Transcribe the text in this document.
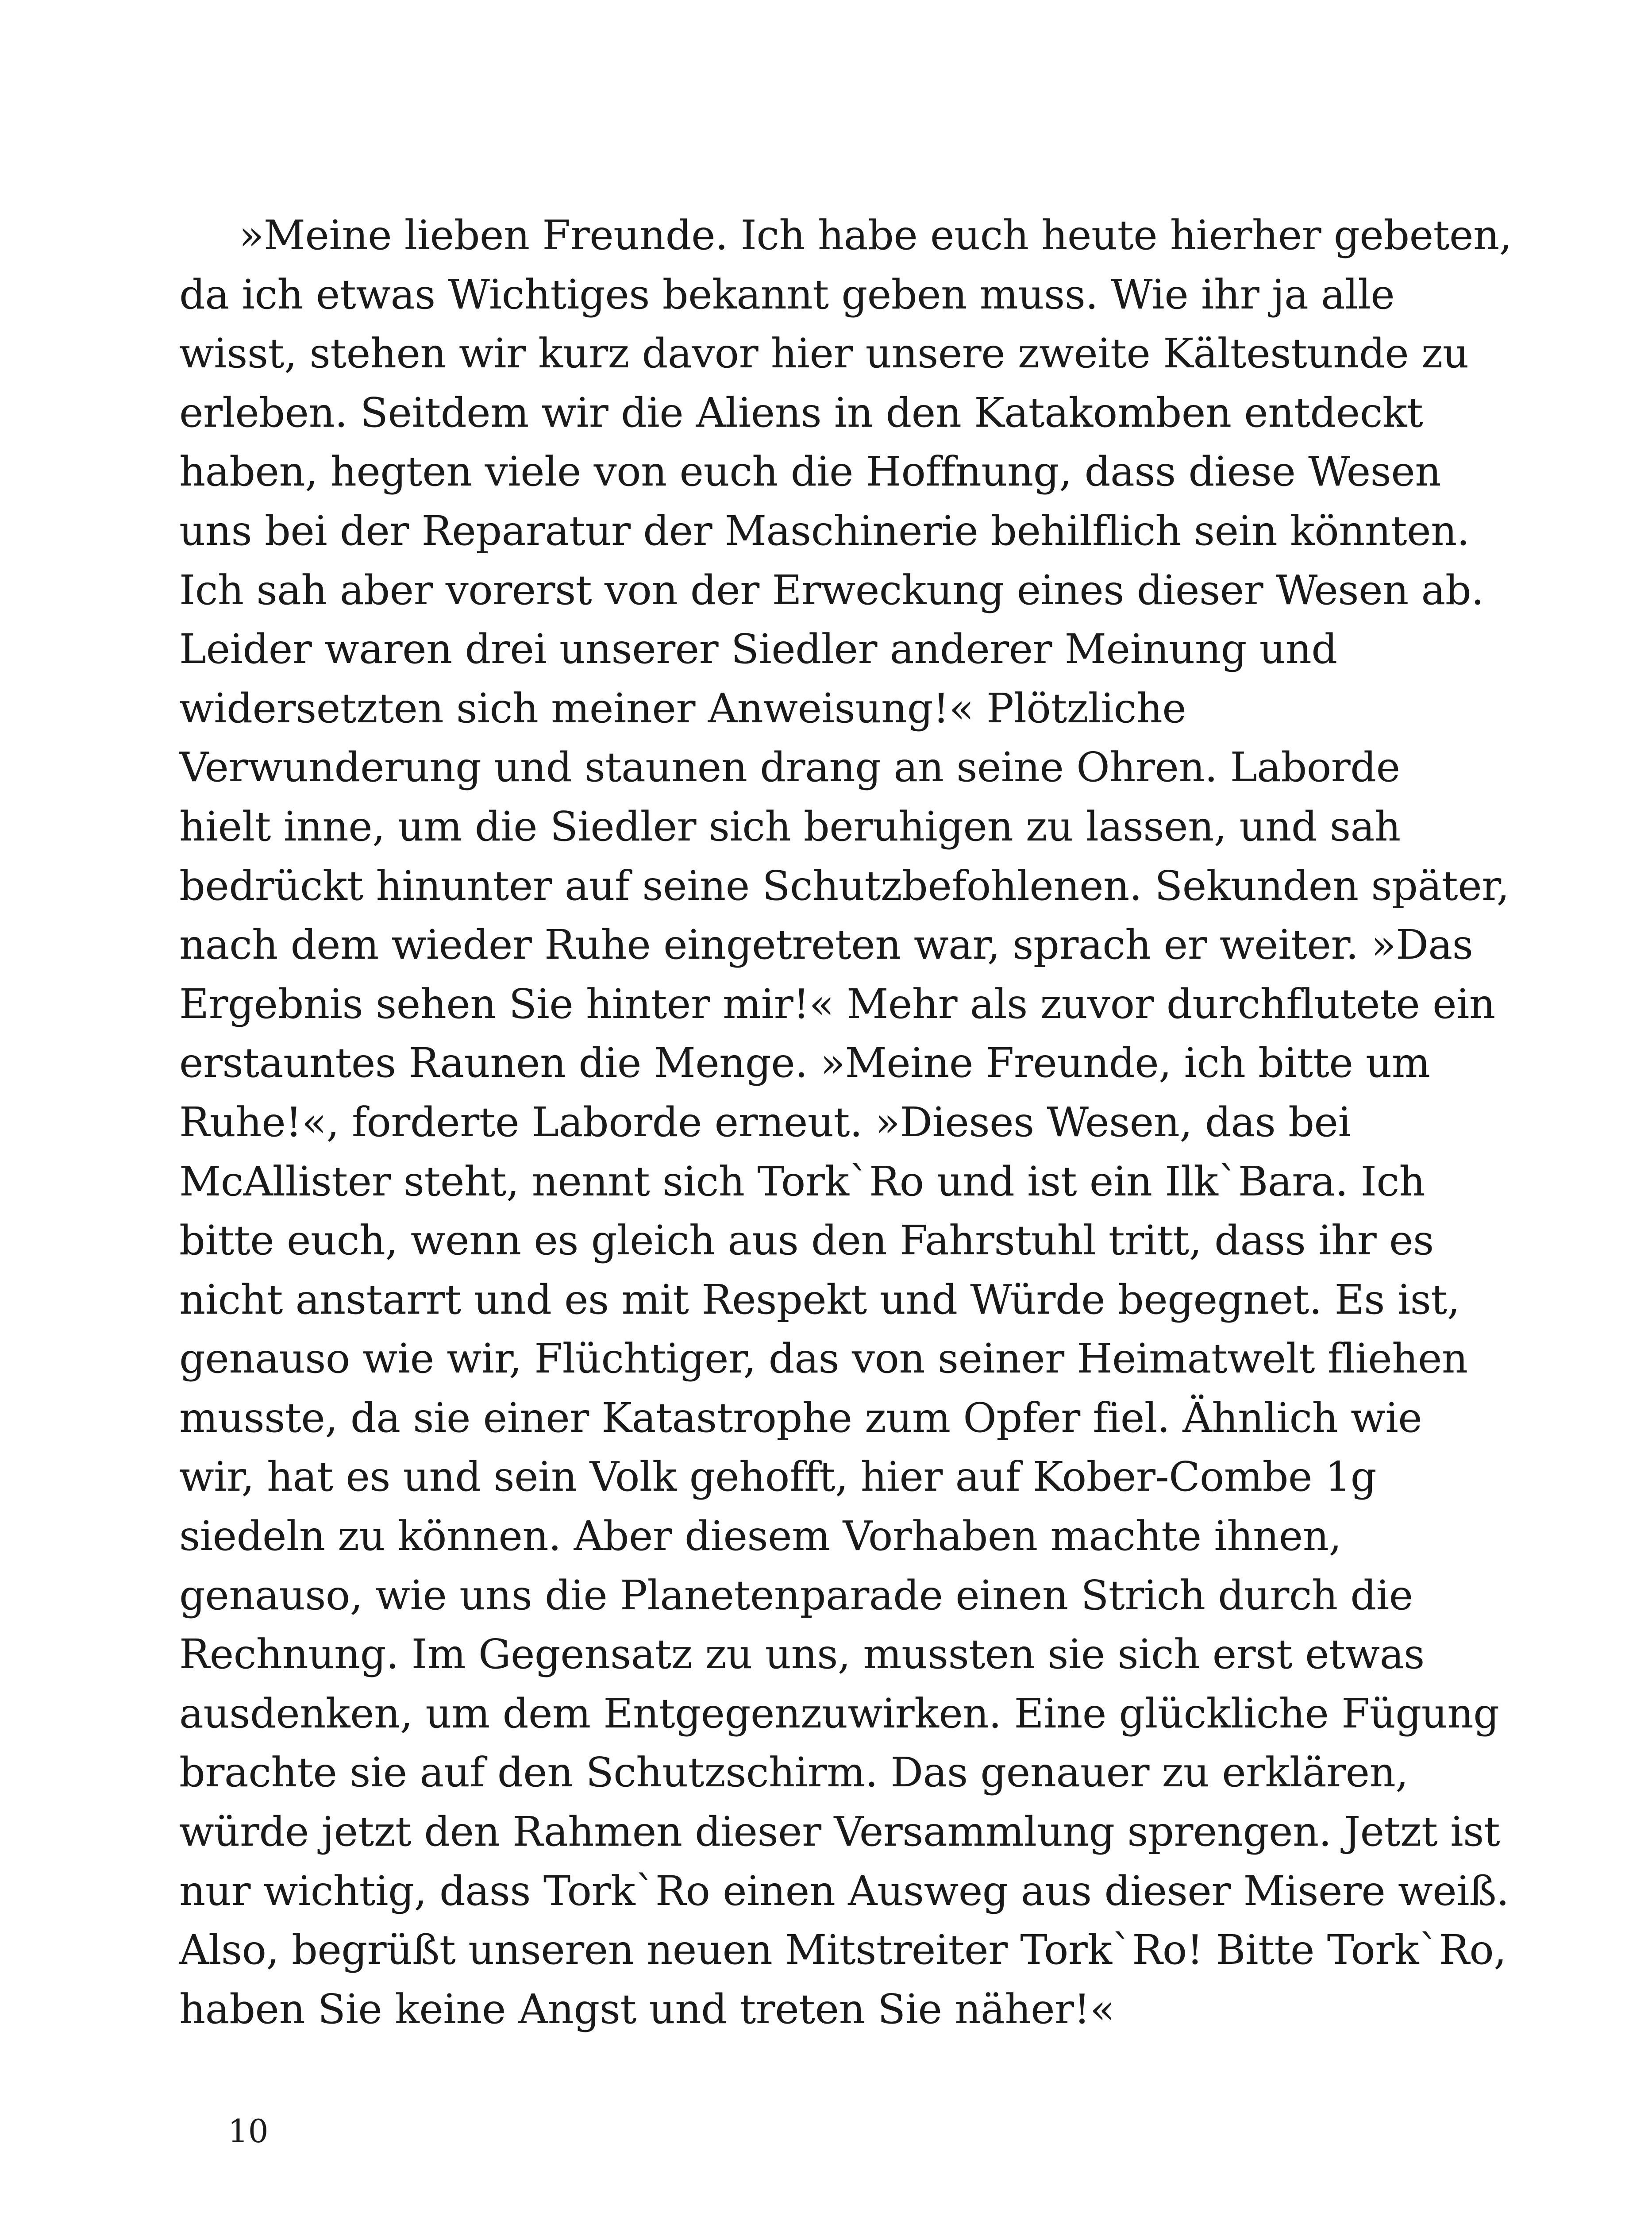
»Meine lieben Freunde. Ich habe euch heute hierher gebeten,
da ich etwas Wichtiges bekannt geben muss. Wie ihr ja alle
wisst, stehen wir kurz davor hier unsere zweite Kältestunde zu
erleben. Seitdem wir die Aliens in den Katakomben entdeckt
haben, hegten viele von euch die Hoffnung, dass diese Wesen
uns bei der Reparatur der Maschinerie behilflich sein könnten.
Ich sah aber vorerst von der Erweckung eines dieser Wesen ab.
Leider waren drei unserer Siedler anderer Meinung und
widersetzten sich meiner Anweisung!« Plötzliche
Verwunderung und staunen drang an seine Ohren. Laborde
hielt inne, um die Siedler sich beruhigen zu lassen, und sah
bedrückt hinunter auf seine Schutzbefohlenen. Sekunden später,
nach dem wieder Ruhe eingetreten war, sprach er weiter. »Das
Ergebnis sehen Sie hinter mir!« Mehr als zuvor durchflutete ein
erstauntes Raunen die Menge. »Meine Freunde, ich bitte um
Ruhe!«, forderte Laborde erneut. »Dieses Wesen, das bei
McAllister steht, nennt sich Tork`Ro und ist ein Ilk`Bara. Ich
bitte euch, wenn es gleich aus den Fahrstuhl tritt, dass ihr es
nicht anstarrt und es mit Respekt und Würde begegnet. Es ist,
genauso wie wir, Flüchtiger, das von seiner Heimatwelt fliehen
musste, da sie einer Katastrophe zum Opfer fiel. Ähnlich wie
wir, hat es und sein Volk gehofft, hier auf Kober-Combe 1g
siedeln zu können. Aber diesem Vorhaben machte ihnen,
genauso, wie uns die Planetenparade einen Strich durch die
Rechnung. Im Gegensatz zu uns, mussten sie sich erst etwas
ausdenken, um dem Entgegenzuwirken. Eine glückliche Fügung
brachte sie auf den Schutzschirm. Das genauer zu erklären,
würde jetzt den Rahmen dieser Versammlung sprengen. Jetzt ist
nur wichtig, dass Tork`Ro einen Ausweg aus dieser Misere weiß.
Also, begrüßt unseren neuen Mitstreiter Tork`Ro! Bitte Tork`Ro,
haben Sie keine Angst und treten Sie näher!«
10
